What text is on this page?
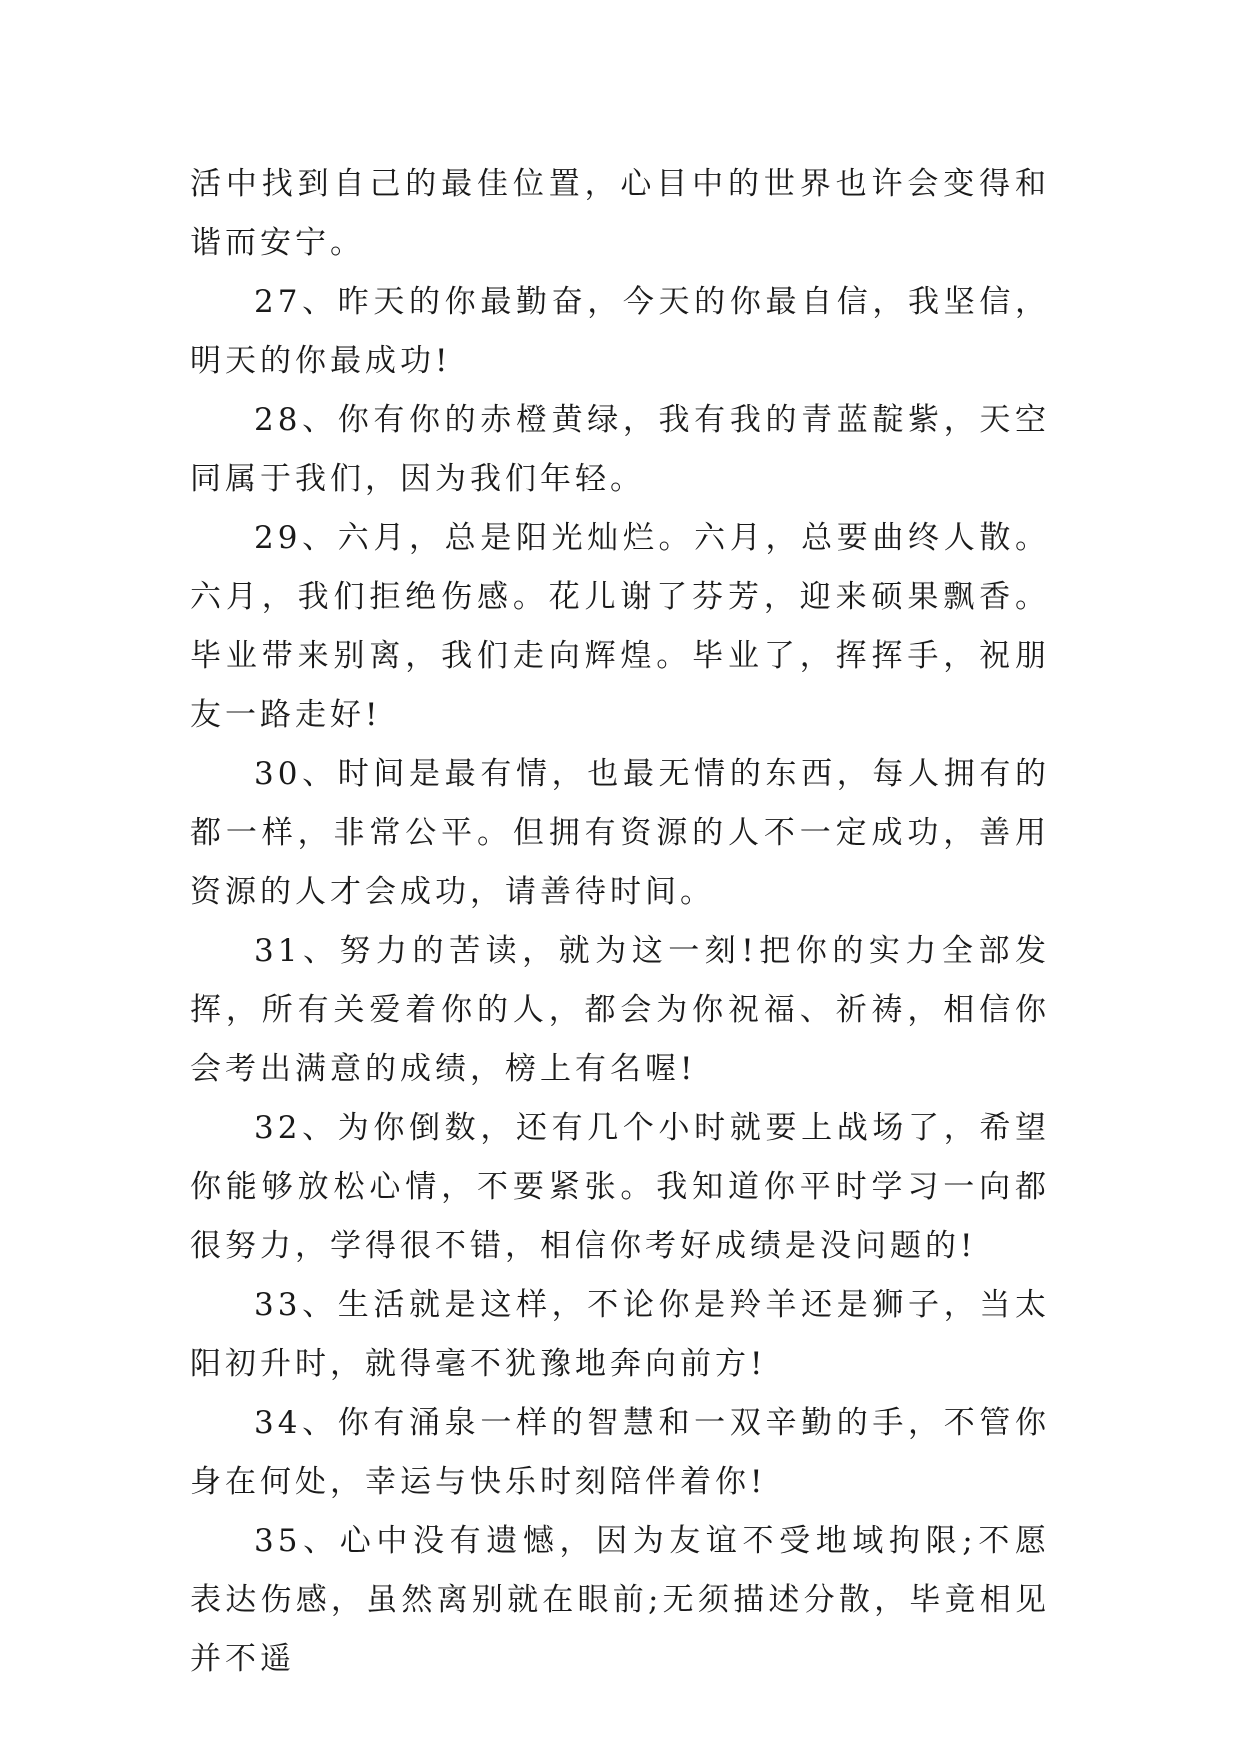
活中找到自己的最佳位置，心目中的世界也许会变得和谐而安宁。

27、昨天的你最勤奋，今天的你最自信，我坚信，明天的你最成功!

28、你有你的赤橙黄绿，我有我的青蓝靛紫，天空同属于我们，因为我们年轻。

29、六月，总是阳光灿烂。六月，总要曲终人散。六月，我们拒绝伤感。花儿谢了芬芳，迎来硕果飘香。毕业带来别离，我们走向辉煌。毕业了，挥挥手，祝朋友一路走好!

30、时间是最有情，也最无情的东西，每人拥有的都一样，非常公平。但拥有资源的人不一定成功，善用资源的人才会成功，请善待时间。

31、努力的苦读，就为这一刻!把你的实力全部发挥，所有关爱着你的人，都会为你祝福、祈祷，相信你会考出满意的成绩，榜上有名喔!

32、为你倒数，还有几个小时就要上战场了，希望你能够放松心情，不要紧张。我知道你平时学习一向都很努力，学得很不错，相信你考好成绩是没问题的!

33、生活就是这样，不论你是羚羊还是狮子，当太阳初升时，就得毫不犹豫地奔向前方!

34、你有涌泉一样的智慧和一双辛勤的手，不管你身在何处，幸运与快乐时刻陪伴着你!

35、心中没有遗憾，因为友谊不受地域拘限;不愿表达伤感，虽然离别就在眼前;无须描述分散，毕竟相见并不遥
